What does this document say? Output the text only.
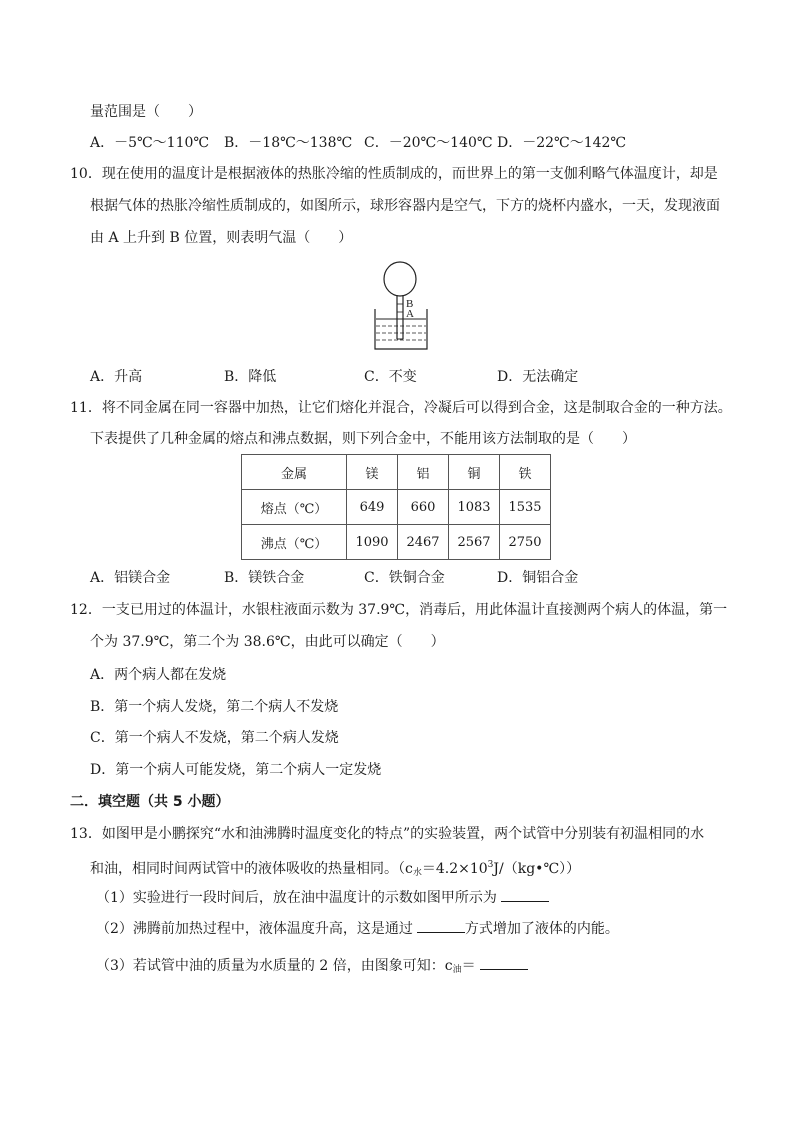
量范围是（　　）
A．－5℃～110℃ B．－18℃～138℃ C．－20℃～140℃ D．－22℃～142℃
10．现在使用的温度计是根据液体的热胀冷缩的性质制成的，而世界上的第一支伽利略气体温度计，却是
根据气体的热胀冷缩性质制成的，如图所示，球形容器内是空气，下方的烧杯内盛水，一天，发现液面
由 A 上升到 B 位置，则表明气温（　　）
B
A
A．升高	B．降低	C．不变	D．无法确定
11．将不同金属在同一容器中加热，让它们熔化并混合，冷凝后可以得到合金，这是制取合金的一种方法。
下表提供了几种金属的熔点和沸点数据，则下列合金中，不能用该方法制取的是（　　）
金属	镁	铝	铜	铁
熔点（℃）	649	660	1083	1535
沸点（℃）	1090	2467	2567	2750
A．铝镁合金	B．镁铁合金	C．铁铜合金	D．铜铝合金
12．一支已用过的体温计，水银柱液面示数为 37.9℃，消毒后，用此体温计直接测两个病人的体温，第一
个为 37.9℃，第二个为 38.6℃，由此可以确定（　　）
A．两个病人都在发烧
B．第一个病人发烧，第二个病人不发烧
C．第一个病人不发烧，第二个病人发烧
D．第一个病人可能发烧，第二个病人一定发烧
二．填空题（共 5 小题）
13．如图甲是小鹏探究“水和油沸腾时温度变化的特点”的实验装置，两个试管中分别装有初温相同的水
和油，相同时间两试管中的液体吸收的热量相同。$(c_水=4.2\times 10^3J/(kg•℃))$
（1）实验进行一段时间后，放在油中温度计的示数如图甲所示为
（2）沸腾前加热过程中，液体温度升高，这是通过	方式增加了液体的内能。
（3）若试管中油的质量为水质量的 2 倍，由图象可知：$c_油=$
